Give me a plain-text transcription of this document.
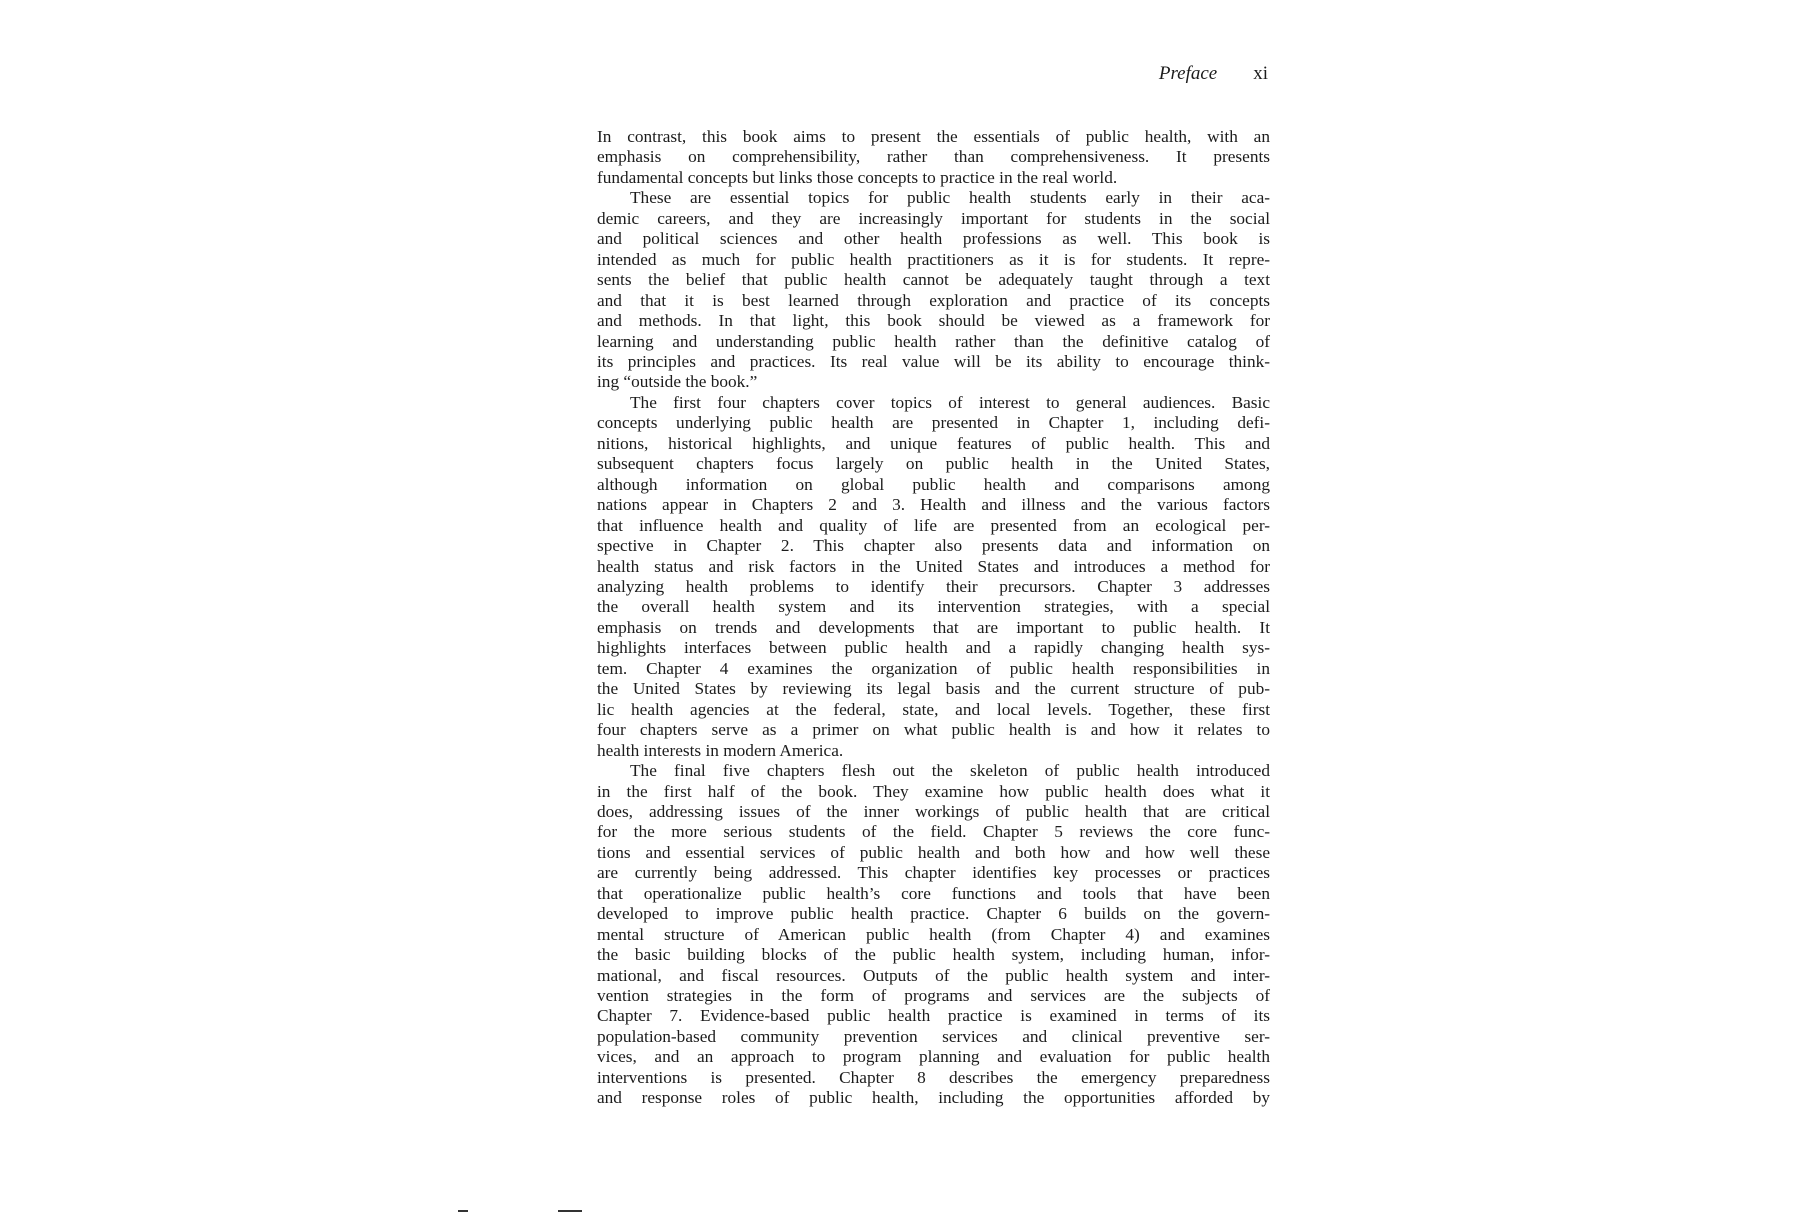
Preface xi
In contrast, this book aims to present the essentials of public health, with an
emphasis on comprehensibility, rather than comprehensiveness. It presents
fundamental concepts but links those concepts to practice in the real world.
These are essential topics for public health students early in their aca-
demic careers, and they are increasingly important for students in the social
and political sciences and other health professions as well. This book is
intended as much for public health practitioners as it is for students. It repre-
sents the belief that public health cannot be adequately taught through a text
and that it is best learned through exploration and practice of its concepts
and methods. In that light, this book should be viewed as a framework for
learning and understanding public health rather than the definitive catalog of
its principles and practices. Its real value will be its ability to encourage think-
ing “outside the book.”
The first four chapters cover topics of interest to general audiences. Basic
concepts underlying public health are presented in Chapter 1, including defi-
nitions, historical highlights, and unique features of public health. This and
subsequent chapters focus largely on public health in the United States,
although information on global public health and comparisons among
nations appear in Chapters 2 and 3. Health and illness and the various factors
that influence health and quality of life are presented from an ecological per-
spective in Chapter 2. This chapter also presents data and information on
health status and risk factors in the United States and introduces a method for
analyzing health problems to identify their precursors. Chapter 3 addresses
the overall health system and its intervention strategies, with a special
emphasis on trends and developments that are important to public health. It
highlights interfaces between public health and a rapidly changing health sys-
tem. Chapter 4 examines the organization of public health responsibilities in
the United States by reviewing its legal basis and the current structure of pub-
lic health agencies at the federal, state, and local levels. Together, these first
four chapters serve as a primer on what public health is and how it relates to
health interests in modern America.
The final five chapters flesh out the skeleton of public health introduced
in the first half of the book. They examine how public health does what it
does, addressing issues of the inner workings of public health that are critical
for the more serious students of the field. Chapter 5 reviews the core func-
tions and essential services of public health and both how and how well these
are currently being addressed. This chapter identifies key processes or practices
that operationalize public health’s core functions and tools that have been
developed to improve public health practice. Chapter 6 builds on the govern-
mental structure of American public health (from Chapter 4) and examines
the basic building blocks of the public health system, including human, infor-
mational, and fiscal resources. Outputs of the public health system and inter-
vention strategies in the form of programs and services are the subjects of
Chapter 7. Evidence-based public health practice is examined in terms of its
population-based community prevention services and clinical preventive ser-
vices, and an approach to program planning and evaluation for public health
interventions is presented. Chapter 8 describes the emergency preparedness
and response roles of public health, including the opportunities afforded by
